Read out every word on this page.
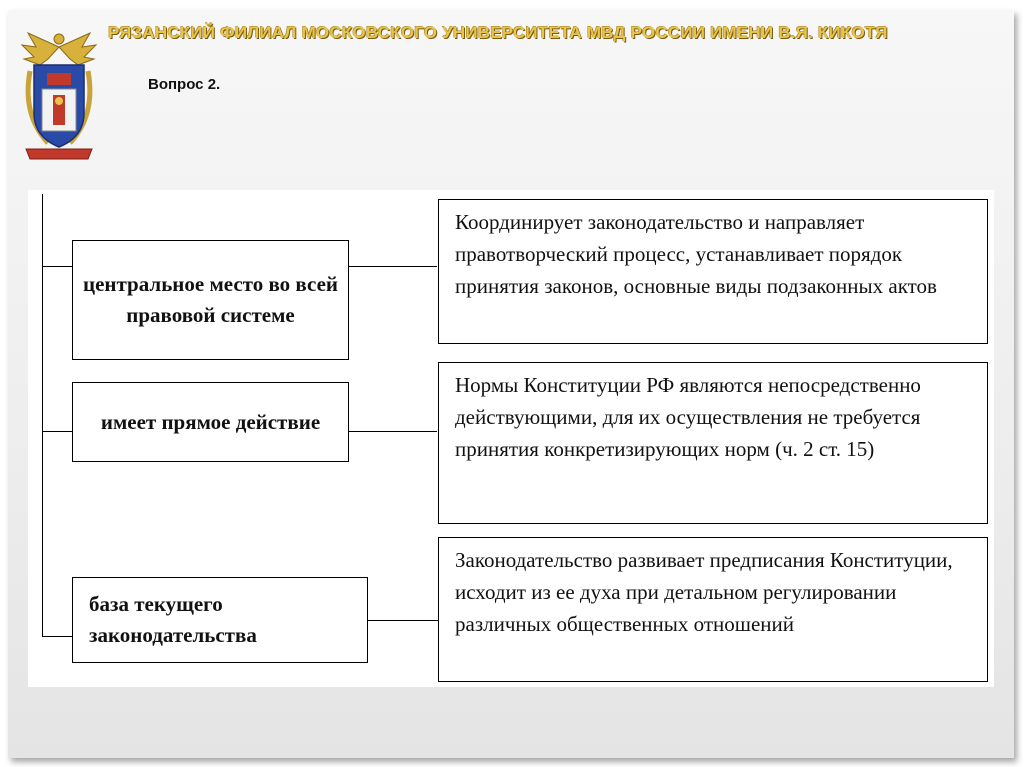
РЯЗАНСКИЙ ФИЛИАЛ МОСКОВСКОГО УНИВЕРСИТЕТА МВД РОССИИ ИМЕНИ В.Я. КИКОТЯ
Вопрос 2.
центральное место во всей правовой системе
Координирует законодательство и направляет правотворческий процесс, устанавливает порядок принятия законов, основные виды подзаконных актов
имеет прямое действие
Нормы Конституции РФ являются непосредственно действующими, для их осуществления не требуется принятия конкретизирующих норм (ч. 2 ст. 15)
база текущего законодательства
Законодательство развивает предписания Конституции, исходит из ее духа при детальном регулировании различных общественных отношений
